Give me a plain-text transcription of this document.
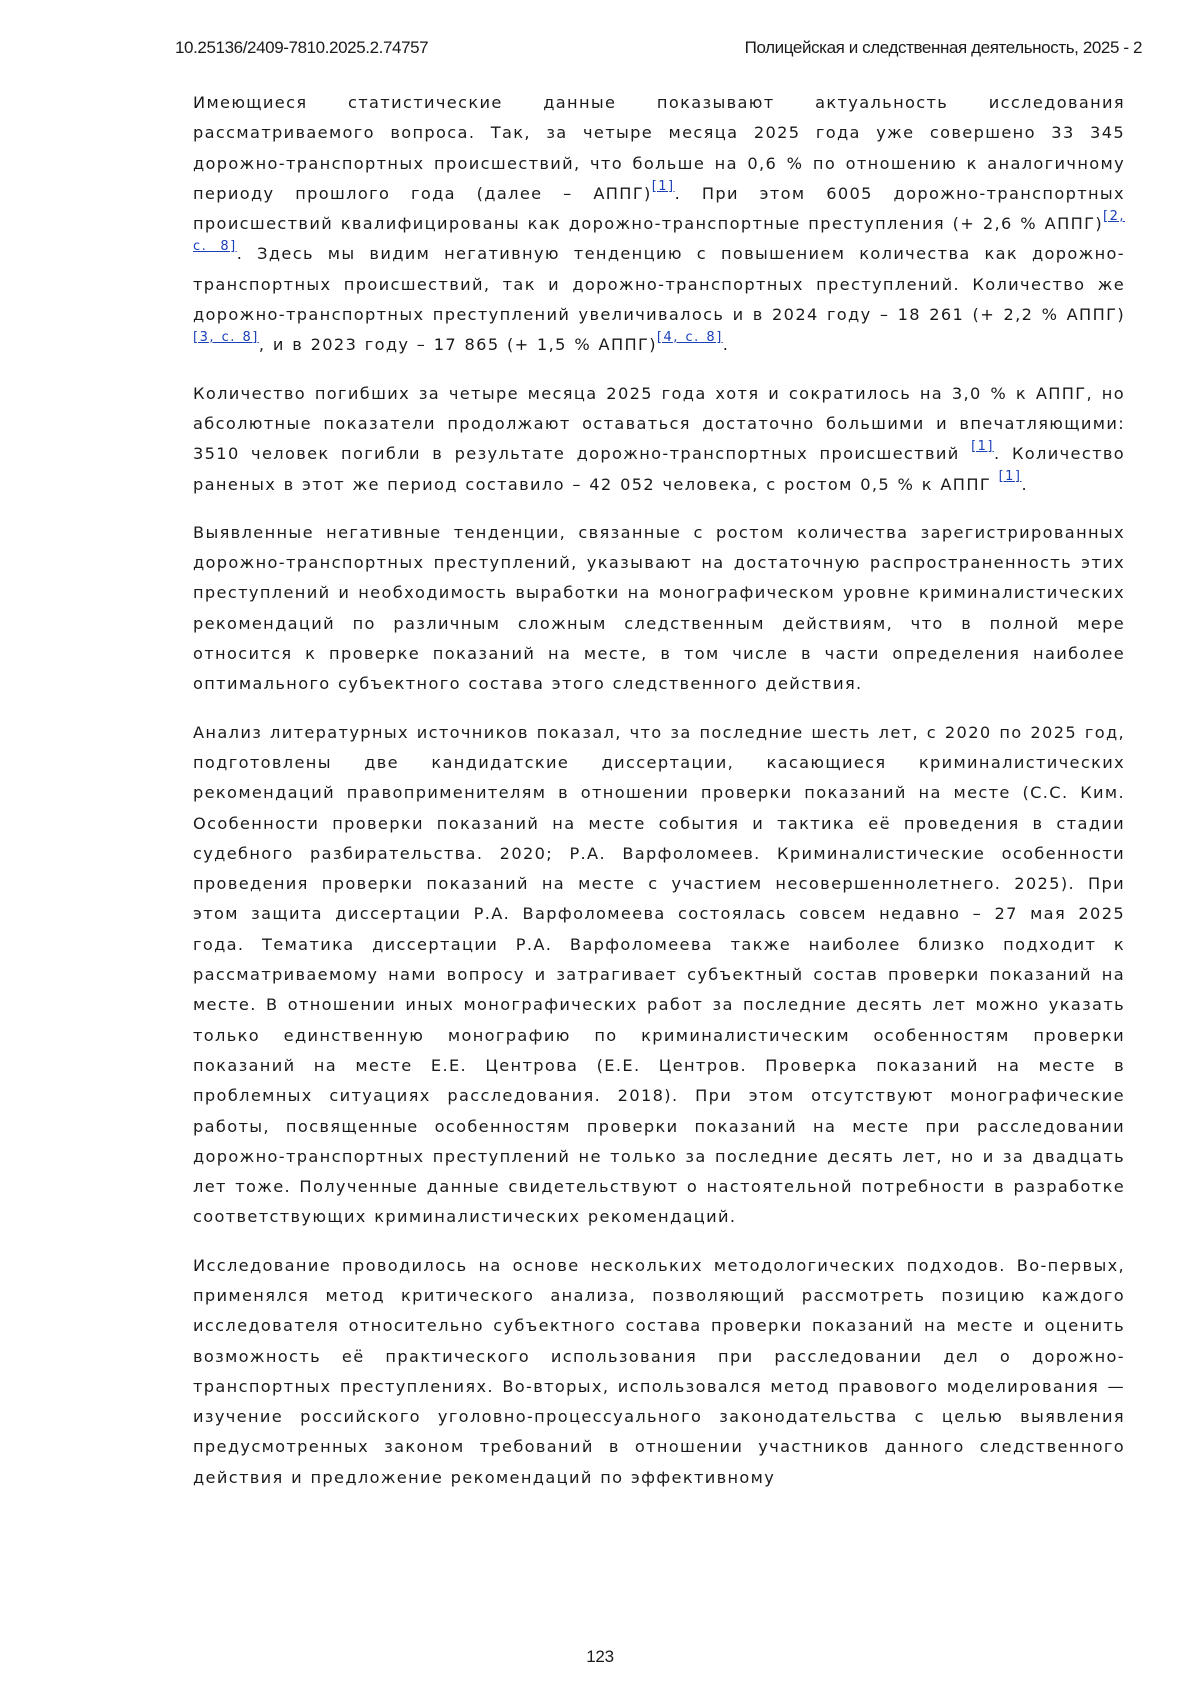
10.25136/2409-7810.2025.2.74757	Полицейская и следственная деятельность, 2025 - 2

Имеющиеся статистические данные показывают актуальность исследования рассматриваемого вопроса. Так, за четыре месяца 2025 года уже совершено 33 345 дорожно-транспортных происшествий, что больше на 0,6 % по отношению к аналогичному периоду прошлого года (далее – АППГ)[1]. При этом 6005 дорожно-транспортных происшествий квалифицированы как дорожно-транспортные преступления (+ 2,6 % АППГ)[2, с. 8]. Здесь мы видим негативную тенденцию с повышением количества как дорожно-транспортных происшествий, так и дорожно-транспортных преступлений. Количество же дорожно-транспортных преступлений увеличивалось и в 2024 году – 18 261 (+ 2,2 % АППГ)[3, с. 8], и в 2023 году – 17 865 (+ 1,5 % АППГ)[4, с. 8].

Количество погибших за четыре месяца 2025 года хотя и сократилось на 3,0 % к АППГ, но абсолютные показатели продолжают оставаться достаточно большими и впечатляющими: 3510 человек погибли в результате дорожно-транспортных происшествий [1]. Количество раненых в этот же период составило – 42 052 человека, с ростом 0,5 % к АППГ [1].

Выявленные негативные тенденции, связанные с ростом количества зарегистрированных дорожно-транспортных преступлений, указывают на достаточную распространенность этих преступлений и необходимость выработки на монографическом уровне криминалистических рекомендаций по различным сложным следственным действиям, что в полной мере относится к проверке показаний на месте, в том числе в части определения наиболее оптимального субъектного состава этого следственного действия.

Анализ литературных источников показал, что за последние шесть лет, с 2020 по 2025 год, подготовлены две кандидатские диссертации, касающиеся криминалистических рекомендаций правоприменителям в отношении проверки показаний на месте (С.С. Ким. Особенности проверки показаний на месте события и тактика её проведения в стадии судебного разбирательства. 2020; Р.А. Варфоломеев. Криминалистические особенности проведения проверки показаний на месте с участием несовершеннолетнего. 2025). При этом защита диссертации Р.А. Варфоломеева состоялась совсем недавно – 27 мая 2025 года. Тематика диссертации Р.А. Варфоломеева также наиболее близко подходит к рассматриваемому нами вопросу и затрагивает субъектный состав проверки показаний на месте. В отношении иных монографических работ за последние десять лет можно указать только единственную монографию по криминалистическим особенностям проверки показаний на месте Е.Е. Центрова (Е.Е. Центров. Проверка показаний на месте в проблемных ситуациях расследования. 2018). При этом отсутствуют монографические работы, посвященные особенностям проверки показаний на месте при расследовании дорожно-транспортных преступлений не только за последние десять лет, но и за двадцать лет тоже. Полученные данные свидетельствуют о настоятельной потребности в разработке соответствующих криминалистических рекомендаций.

Исследование проводилось на основе нескольких методологических подходов. Во-первых, применялся метод критического анализа, позволяющий рассмотреть позицию каждого исследователя относительно субъектного состава проверки показаний на месте и оценить возможность её практического использования при расследовании дел о дорожно-транспортных преступлениях. Во-вторых, использовался метод правового моделирования — изучение российского уголовно-процессуального законодательства с целью выявления предусмотренных законом требований в отношении участников данного следственного действия и предложение рекомендаций по эффективному

123
